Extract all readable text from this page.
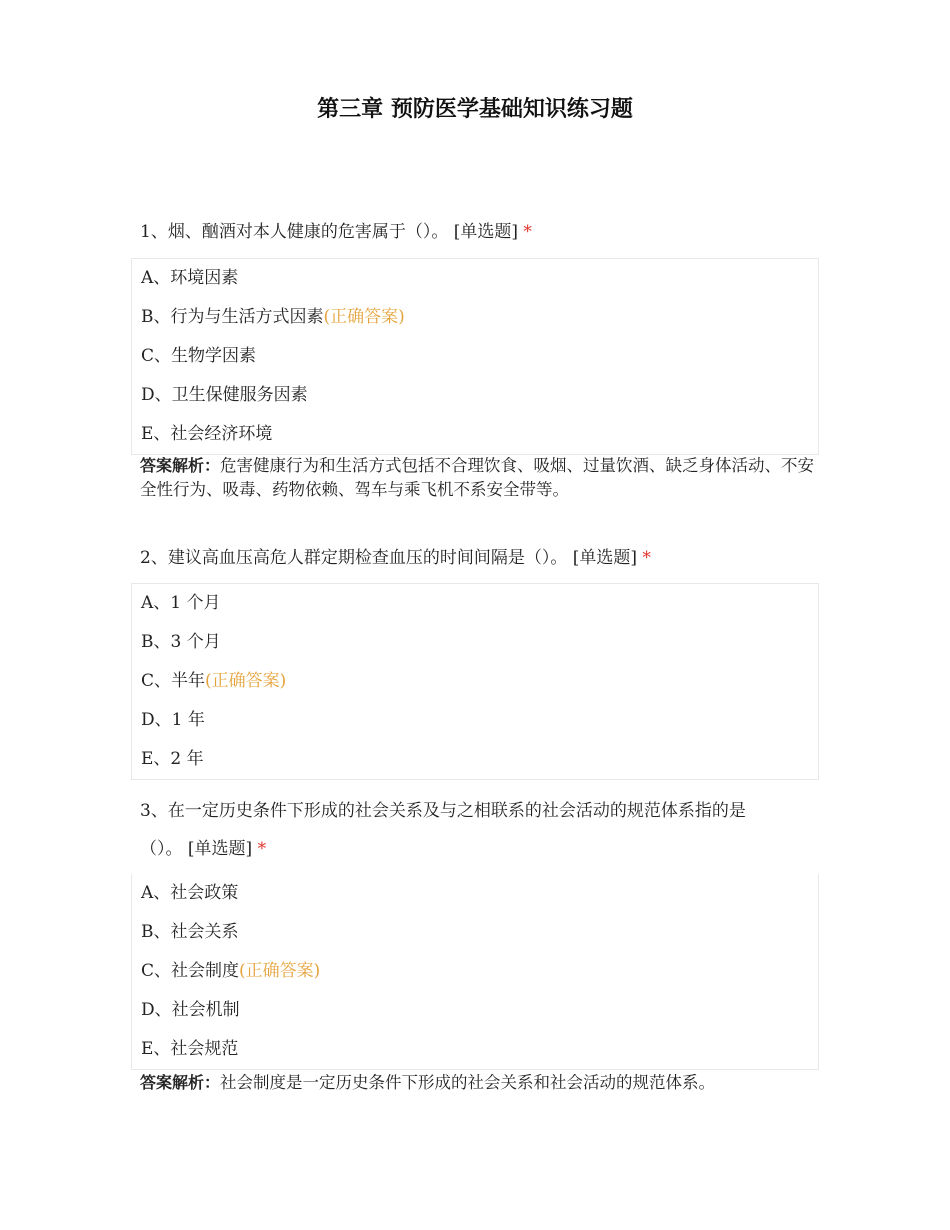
第三章 预防医学基础知识练习题
1、烟、酗酒对本人健康的危害属于（）。 [单选题] *
A、环境因素
B、行为与生活方式因素(正确答案)
C、生物学因素
D、卫生保健服务因素
E、社会经济环境
答案解析：危害健康行为和生活方式包括不合理饮食、吸烟、过量饮酒、缺乏身体活动、不安全性行为、吸毒、药物依赖、驾车与乘飞机不系安全带等。
2、建议高血压高危人群定期检查血压的时间间隔是（）。 [单选题] *
A、1 个月
B、3 个月
C、半年(正确答案)
D、1 年
E、2 年
3、在一定历史条件下形成的社会关系及与之相联系的社会活动的规范体系指的是
（）。 [单选题] *
A、社会政策
B、社会关系
C、社会制度(正确答案)
D、社会机制
E、社会规范
答案解析：社会制度是一定历史条件下形成的社会关系和社会活动的规范体系。
